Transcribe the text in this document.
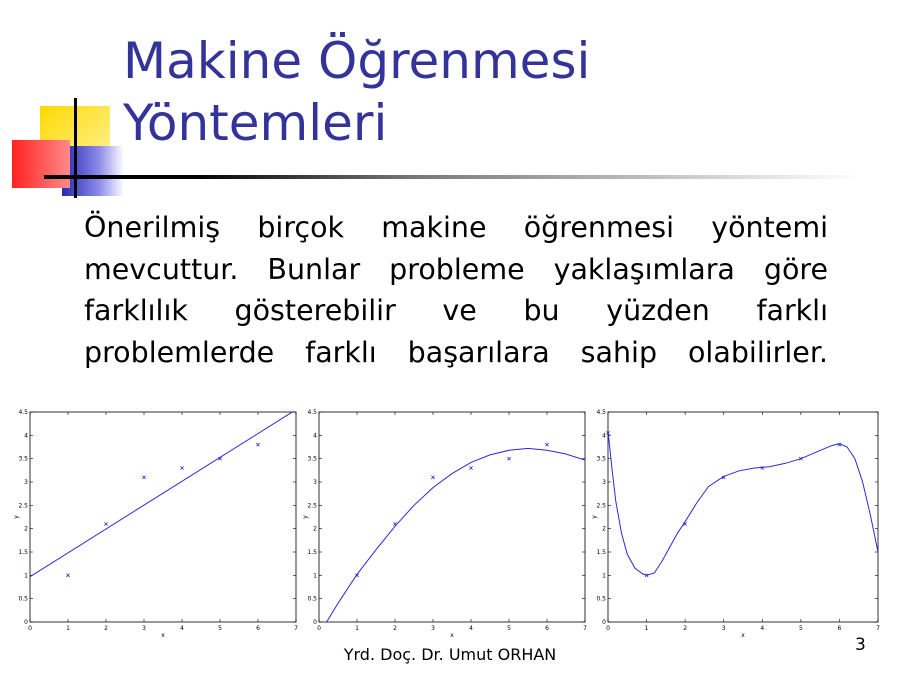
Makine Öğrenmesi Yöntemleri

Önerilmiş birçok makine öğrenmesi yöntemi mevcuttur. Bunlar probleme yaklaşımlara göre farklılık gösterebilir ve bu yüzden farklı problemlerde farklı başarılara sahip olabilirler.

0	1	2	3	4	5	6	7
0
0.5
1
1.5
2
2.5
3
3.5
4
4.5
x
y
0	1	2	3	4	5	6	7
0
0.5
1
1.5
2
2.5
3
3.5
4
4.5
x
y
0	1	2	3	4	5	6	7
0
0.5
1
1.5
2
2.5
3
3.5
4
4.5
x
y
Yrd. Doç. Dr. Umut ORHAN	3
